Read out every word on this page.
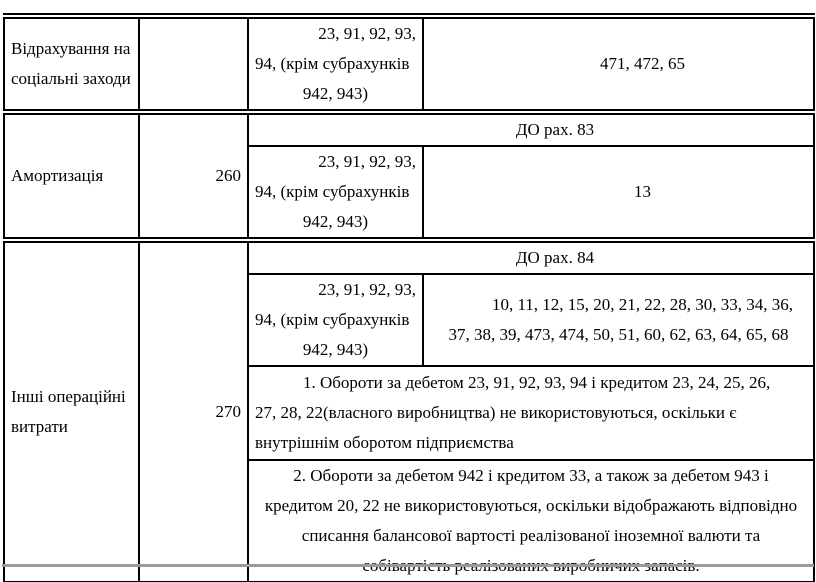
Відрахування на соціальні заходи		23, 91, 92, 93,
94, (крім субрахунків
942, 943)	471, 472, 65
Амортизація	260	ДО рах. 83	

		23, 91, 92, 93,
94, (крім субрахунків
942, 943)	13
Інші операційні витрати	270	ДО рах. 84	

		23, 91, 92, 93,
94, (крім субрахунків
942, 943)	10, 11, 12, 15, 20, 21, 22, 28, 30, 33, 34, 36,
37, 38, 39, 473, 474, 50, 51, 60, 62, 63, 64, 65, 68

		1. Обороти за дебетом 23, 91, 92, 93, 94 і кредитом 23, 24, 25, 26,
27, 28, 22(власного виробництва) не використовуються, оскільки є
внутрішнім оборотом підприємства	

		2. Обороти за дебетом 942 і кредитом 33, а також за дебетом 943 і
кредитом 20, 22 не використовуються, оскільки відображають відповідно
списання балансової вартості реалізованої іноземної валюти та	
